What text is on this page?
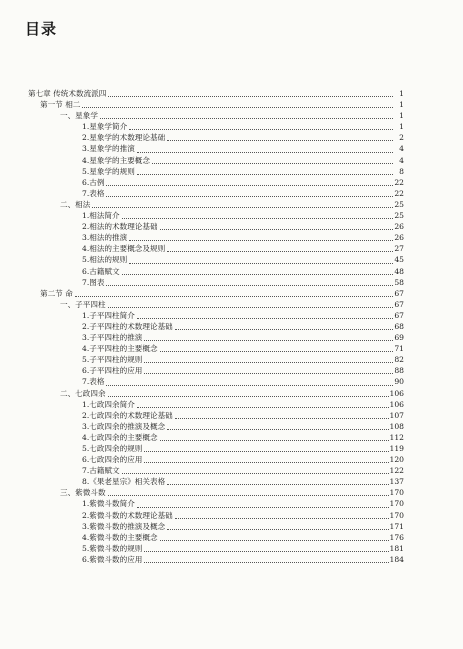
目录
第七章 传统术数流派四	1
第一节 相二	1
一、星象学	1
1.星象学简介	1
2.星象学的术数理论基础	2
3.星象学的推演	4
4.星象学的主要概念	4
5.星象学的规则	8
6.古例	22
7.表格	22
二、相法	25
1.相法简介	25
2.相法的术数理论基础	26
3.相法的推演	26
4.相法的主要概念及规则	27
5.相法的规则	45
6.古籍赋文	48
7.图表	58
第二节 命	67
一、子平四柱	67
1.子平四柱简介	67
2.子平四柱的术数理论基础	68
3.子平四柱的推演	69
4.子平四柱的主要概念	71
5.子平四柱的规则	82
6.子平四柱的应用	88
7.表格	90
二、七政四余	106
1.七政四余简介	106
2.七政四余的术数理论基础	107
3.七政四余的推演及概念	108
4.七政四余的主要概念	112
5.七政四余的规则	119
6.七政四余的应用	120
7.古籍赋文	122
8.《果老星宗》相关表格	137
三、紫微斗数	170
1.紫微斗数简介	170
2.紫微斗数的术数理论基础	170
3.紫微斗数的推演及概念	171
4.紫微斗数的主要概念	176
5.紫微斗数的规则	181
6.紫微斗数的应用	184
